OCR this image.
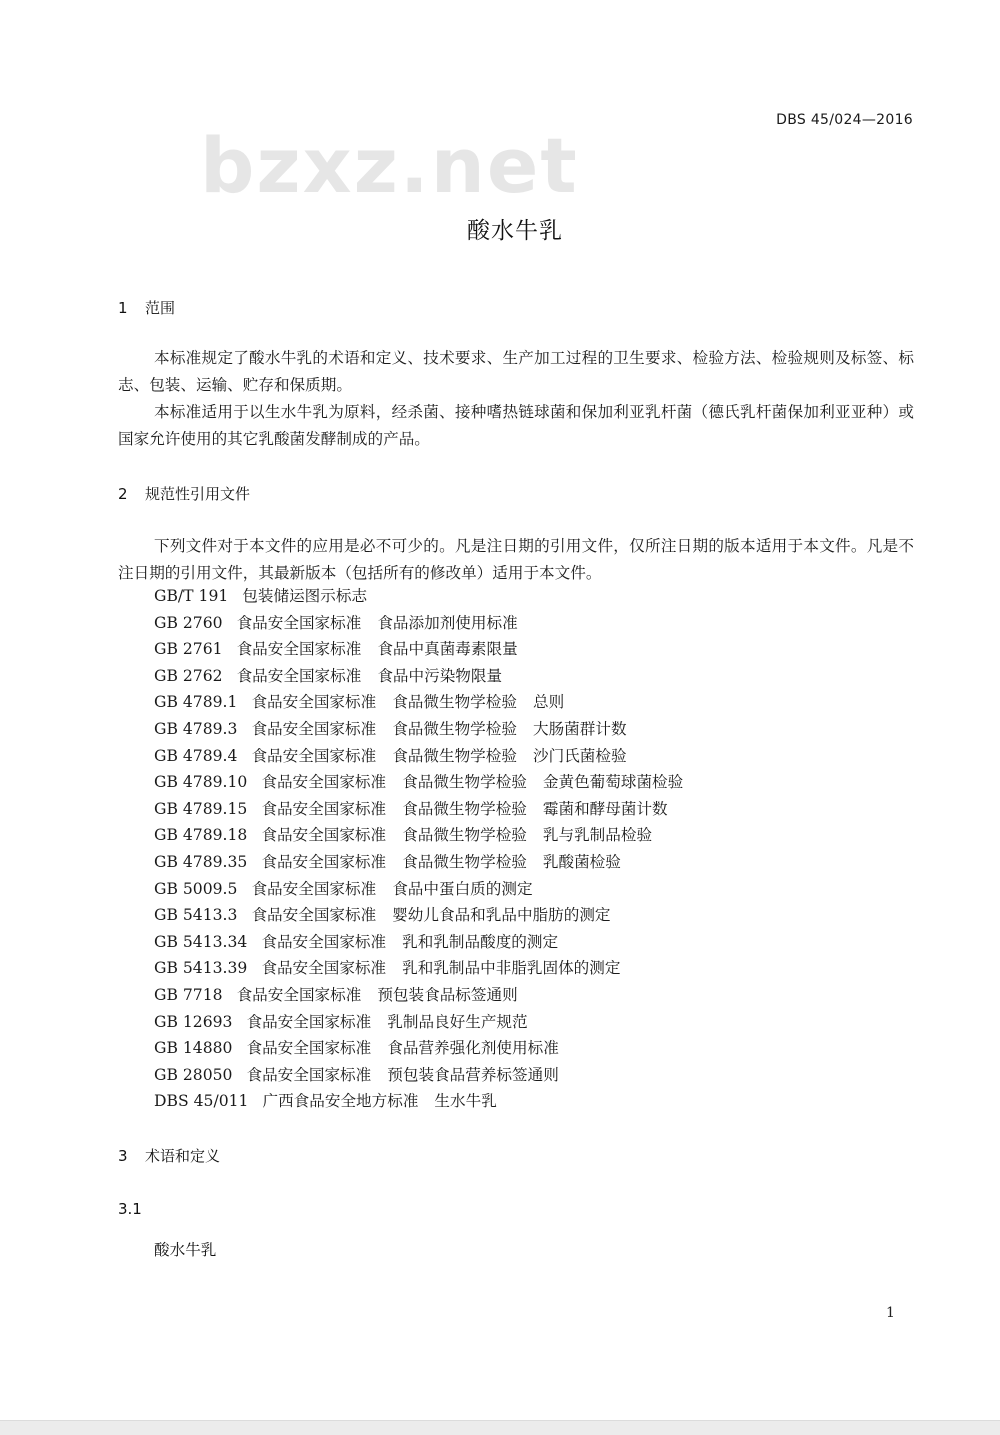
DBS 45/024—2016
bzxz.net
酸水牛乳
1 范围
本标准规定了酸水牛乳的术语和定义、技术要求、生产加工过程的卫生要求、检验方法、检验规则及标签、标志、包装、运输、贮存和保质期。
本标准适用于以生水牛乳为原料，经杀菌、接种嗜热链球菌和保加利亚乳杆菌（德氏乳杆菌保加利亚亚种）或国家允许使用的其它乳酸菌发酵制成的产品。
2 规范性引用文件
下列文件对于本文件的应用是必不可少的。凡是注日期的引用文件，仅所注日期的版本适用于本文件。凡是不注日期的引用文件，其最新版本（包括所有的修改单）适用于本文件。
GB/T 191 包装储运图示标志
GB 2760 食品安全国家标准 食品添加剂使用标准
GB 2761 食品安全国家标准 食品中真菌毒素限量
GB 2762 食品安全国家标准 食品中污染物限量
GB 4789.1 食品安全国家标准 食品微生物学检验 总则
GB 4789.3 食品安全国家标准 食品微生物学检验 大肠菌群计数
GB 4789.4 食品安全国家标准 食品微生物学检验 沙门氏菌检验
GB 4789.10 食品安全国家标准 食品微生物学检验 金黄色葡萄球菌检验
GB 4789.15 食品安全国家标准 食品微生物学检验 霉菌和酵母菌计数
GB 4789.18 食品安全国家标准 食品微生物学检验 乳与乳制品检验
GB 4789.35 食品安全国家标准 食品微生物学检验 乳酸菌检验
GB 5009.5 食品安全国家标准 食品中蛋白质的测定
GB 5413.3 食品安全国家标准 婴幼儿食品和乳品中脂肪的测定
GB 5413.34 食品安全国家标准 乳和乳制品酸度的测定
GB 5413.39 食品安全国家标准 乳和乳制品中非脂乳固体的测定
GB 7718 食品安全国家标准 预包装食品标签通则
GB 12693 食品安全国家标准 乳制品良好生产规范
GB 14880 食品安全国家标准 食品营养强化剂使用标准
GB 28050 食品安全国家标准 预包装食品营养标签通则
DBS 45/011 广西食品安全地方标准 生水牛乳
3 术语和定义
3.1
酸水牛乳
1
